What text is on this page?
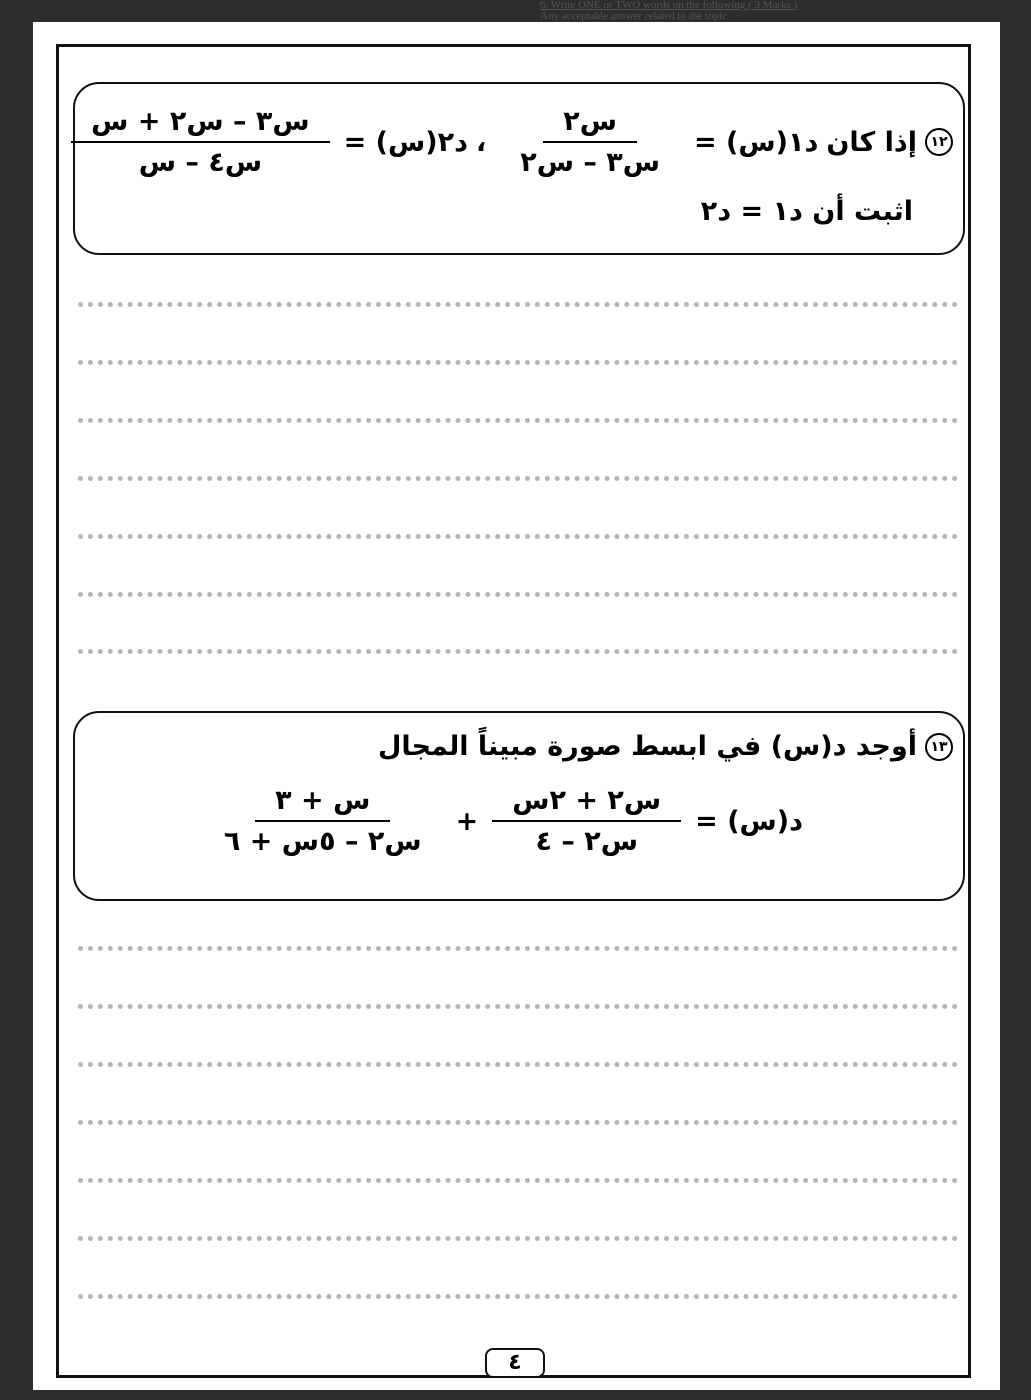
6. Write ONE or TWO words on the following ( 3 Marks )
Any acceptable answer related to the topic
١٢
إذا كان
د١(س) =
$\frac{\text{س٢}}{\text{س٣ – س٢}}$
،
د٢(س) =
$\frac{\text{س٣ – س٢ + س}}{\text{س٤ – س}}$
اثبت أن د١ = د٢
١٣
أوجد د(س) في ابسط صورة مبيناً المجال
د(س) =
$\frac{\text{س٢ + ٢س}}{\text{س٢ – ٤}}$
+
$\frac{\text{س + ٣}}{\text{س٢ – ٥س + ٦}}$
٤
